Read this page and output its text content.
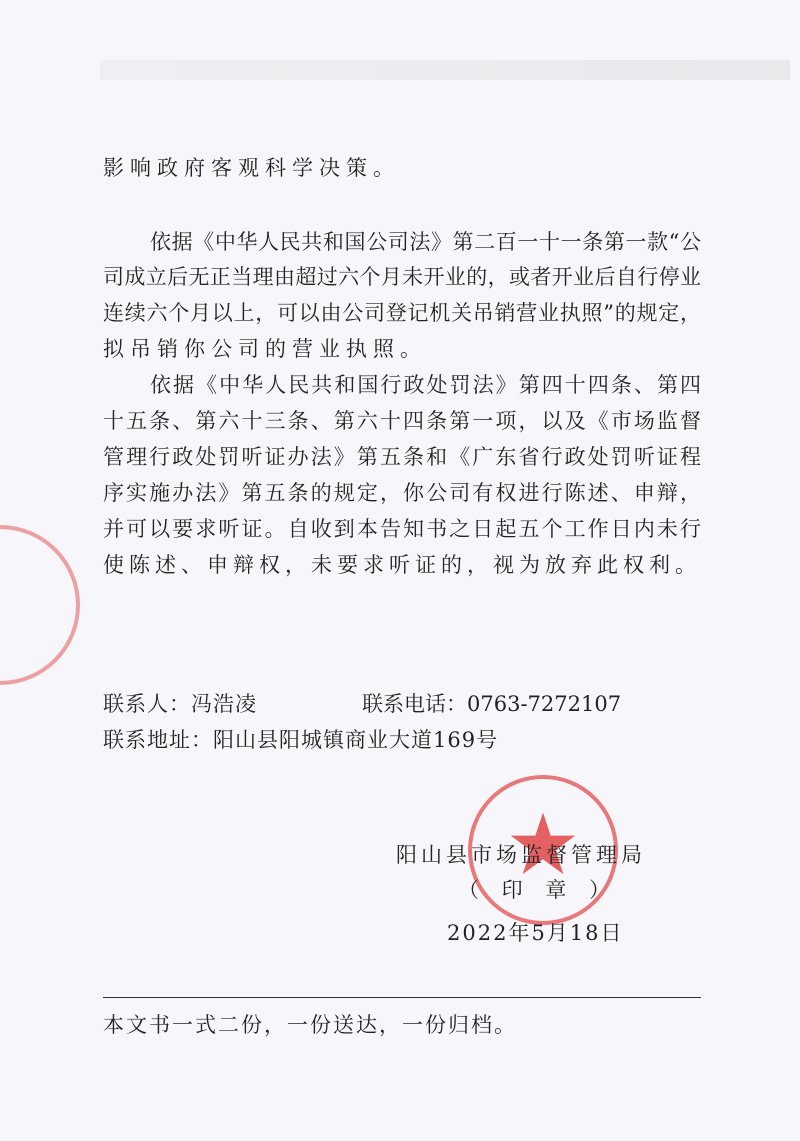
影响政府客观科学决策。
依据《中华人民共和国公司法》第二百一十一条第一款“公
司成立后无正当理由超过六个月未开业的，或者开业后自行停业
连续六个月以上，可以由公司登记机关吊销营业执照”的规定，
拟吊销你公司的营业执照。
依据《中华人民共和国行政处罚法》第四十四条、第四
十五条、第六十三条、第六十四条第一项，以及《市场监督
管理行政处罚听证办法》第五条和《广东省行政处罚听证程
序实施办法》第五条的规定，你公司有权进行陈述、申辩，
并可以要求听证。自收到本告知书之日起五个工作日内未行
使陈述、申辩权，未要求听证的，视为放弃此权利。
联系人：冯浩凌	联系电话：0763-7272107
联系地址：阳山县阳城镇商业大道169号
阳山县市场监督管理局
（ 印 章 ）
2022年5月18日
本文书一式二份，一份送达，一份归档。
